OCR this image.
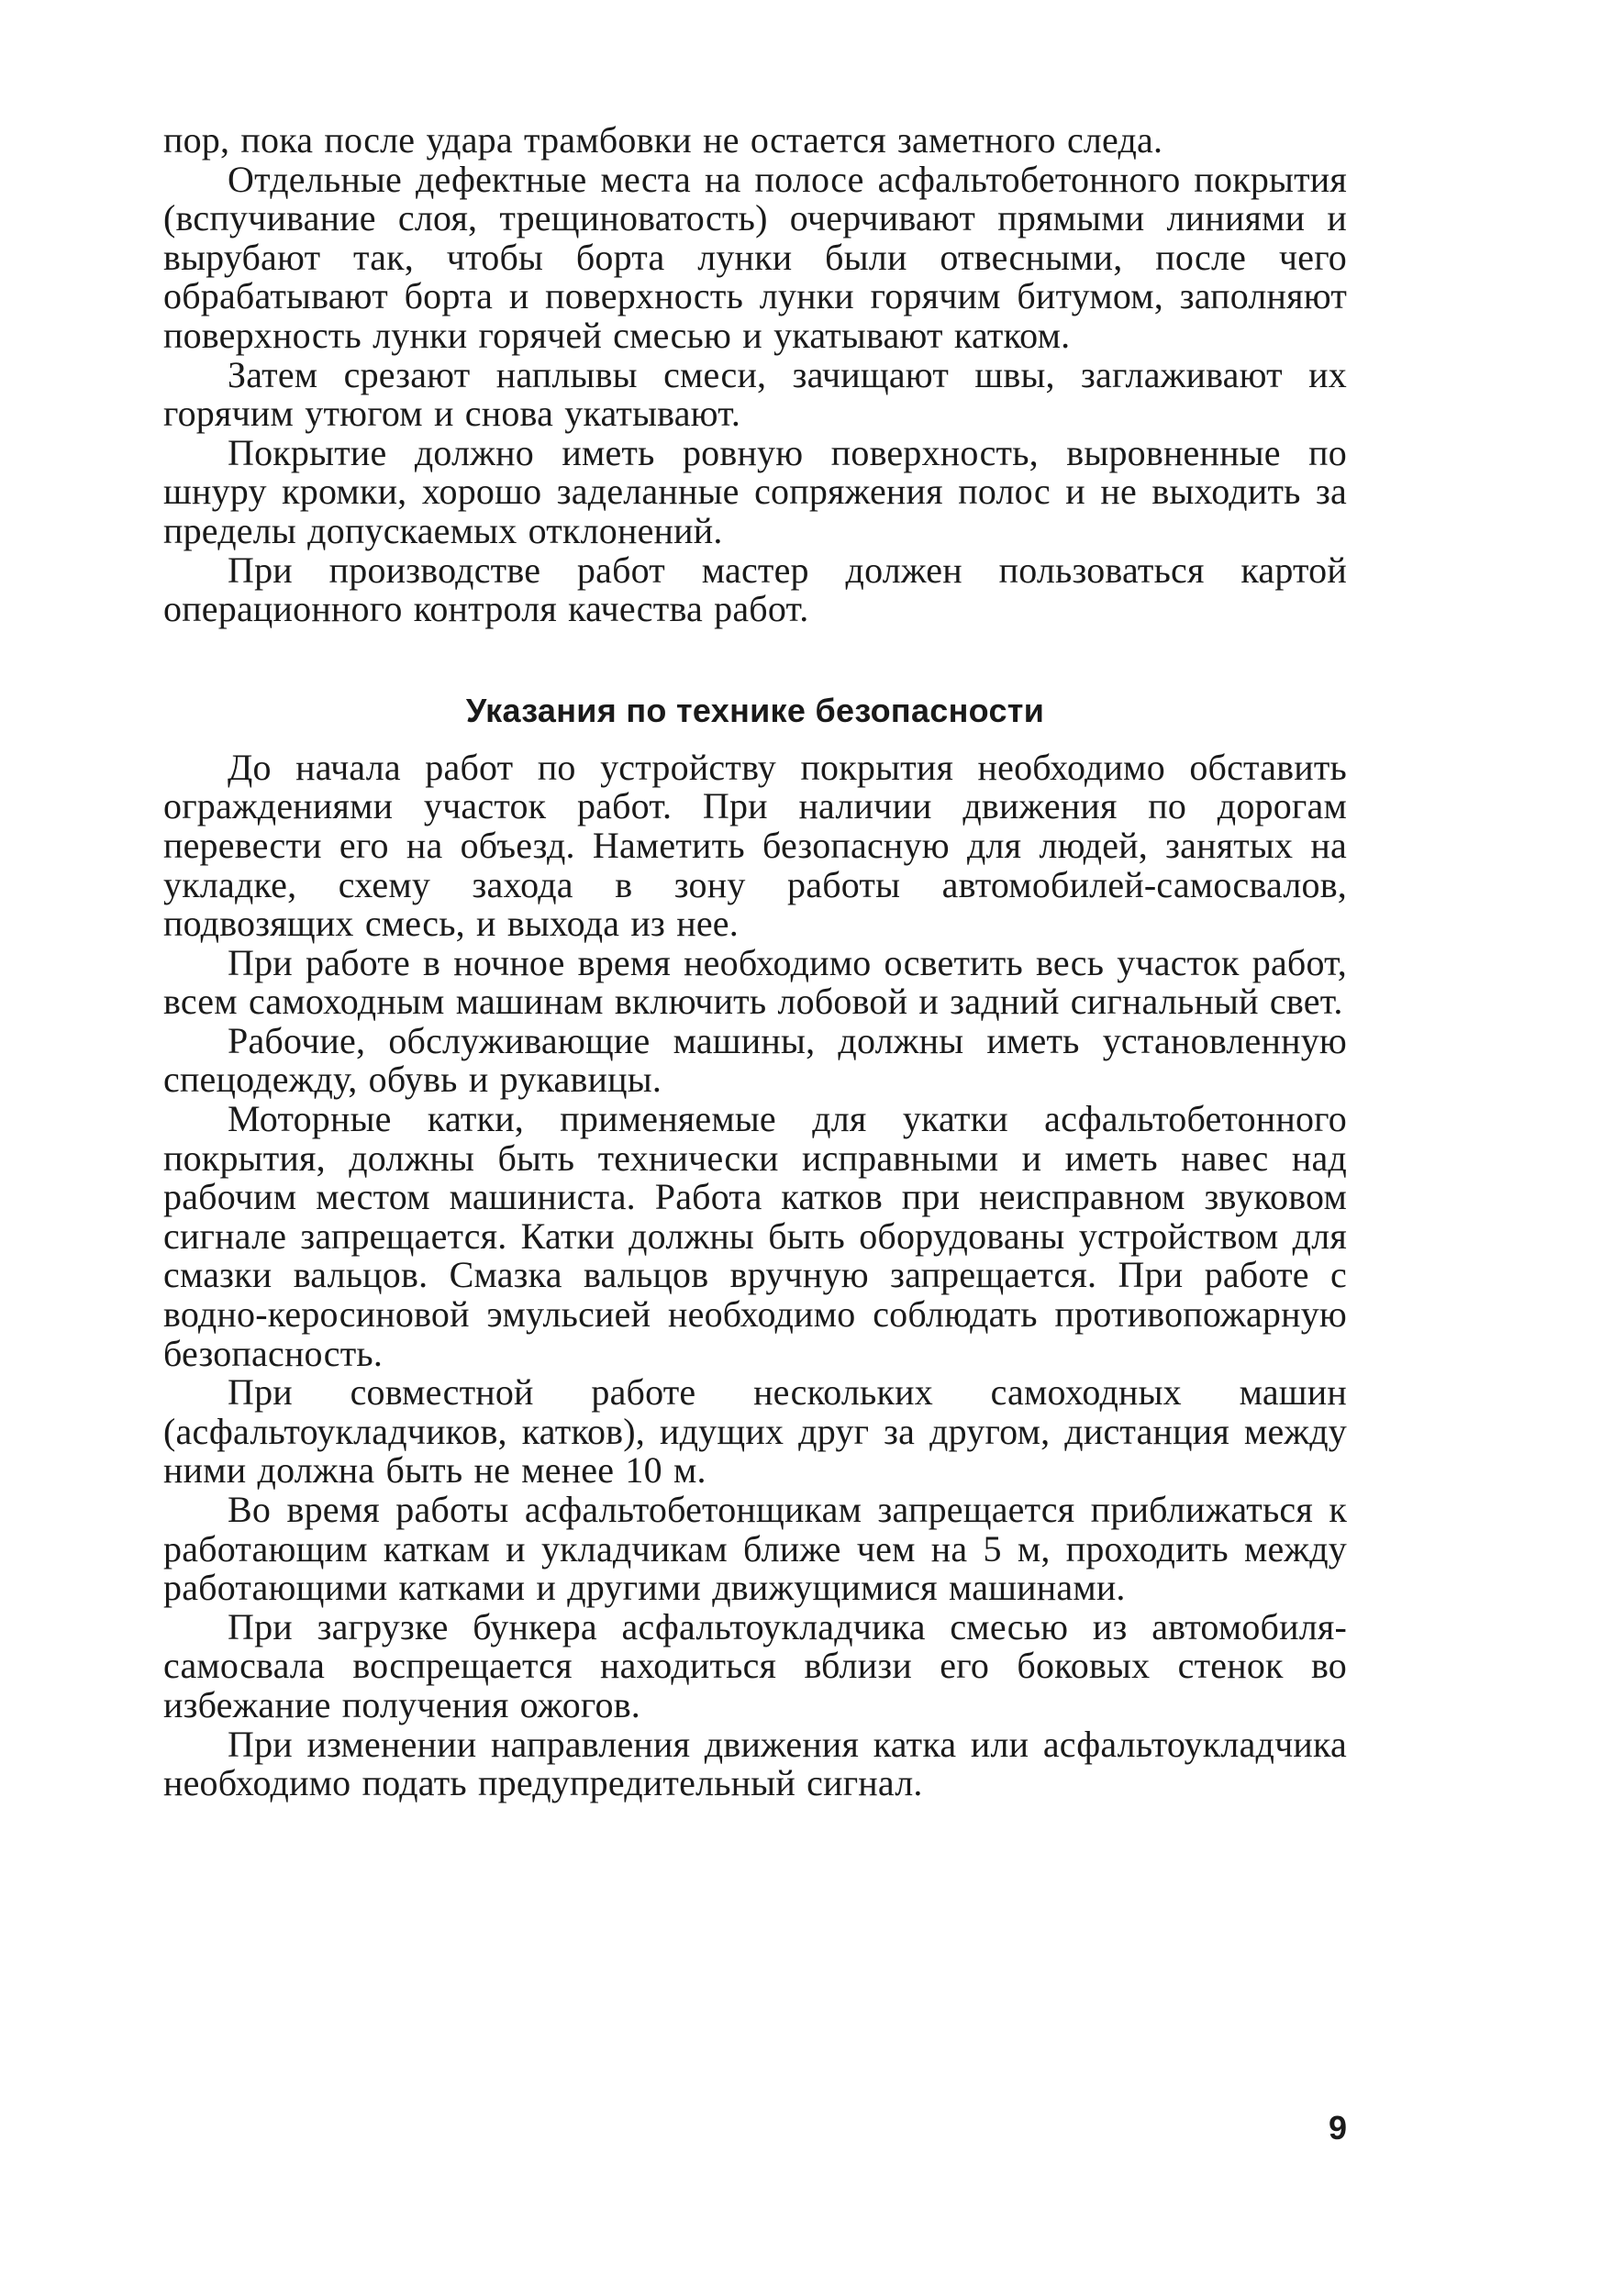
пор, пока после удара трамбовки не остается заметного следа.

Отдельные дефектные места на полосе асфальтобетонного покрытия (вспучивание слоя, трещиноватость) очерчивают прямыми линиями и вырубают так, чтобы борта лунки были отвесными, после чего обрабатывают борта и поверхность лунки горячим битумом, заполняют поверхность лунки горячей смесью и укатывают катком.

Затем срезают наплывы смеси, зачищают швы, заглаживают их горячим утюгом и снова укатывают.

Покрытие должно иметь ровную поверхность, выровненные по шнуру кромки, хорошо заделанные сопряжения полос и не выходить за пределы допускаемых отклонений.

При производстве работ мастер должен пользоваться картой операционного контроля качества работ.

Указания по технике безопасности

До начала работ по устройству покрытия необходимо обставить ограждениями участок работ. При наличии движения по дорогам перевести его на объезд. Наметить безопасную для людей, занятых на укладке, схему захода в зону работы автомобилей-самосвалов, подвозящих смесь, и выхода из нее.

При работе в ночное время необходимо осветить весь участок работ, всем самоходным машинам включить лобовой и задний сигнальный свет.

Рабочие, обслуживающие машины, должны иметь установленную спецодежду, обувь и рукавицы.

Моторные катки, применяемые для укатки асфальтобетонного покрытия, должны быть технически исправными и иметь навес над рабочим местом машиниста. Работа катков при неисправном звуковом сигнале запрещается. Катки должны быть оборудованы устройством для смазки вальцов. Смазка вальцов вручную запрещается. При работе с водно-керосиновой эмульсией необходимо соблюдать противопожарную безопасность.

При совместной работе нескольких самоходных машин (асфальтоукладчиков, катков), идущих друг за другом, дистанция между ними должна быть не менее 10 м.

Во время работы асфальтобетонщикам запрещается приближаться к работающим каткам и укладчикам ближе чем на 5 м, проходить между работающими катками и другими движущимися машинами.

При загрузке бункера асфальтоукладчика смесью из автомобиля-самосвала воспрещается находиться вблизи его боковых стенок во избежание получения ожогов.

При изменении направления движения катка или асфальтоукладчика необходимо подать предупредительный сигнал.

9
